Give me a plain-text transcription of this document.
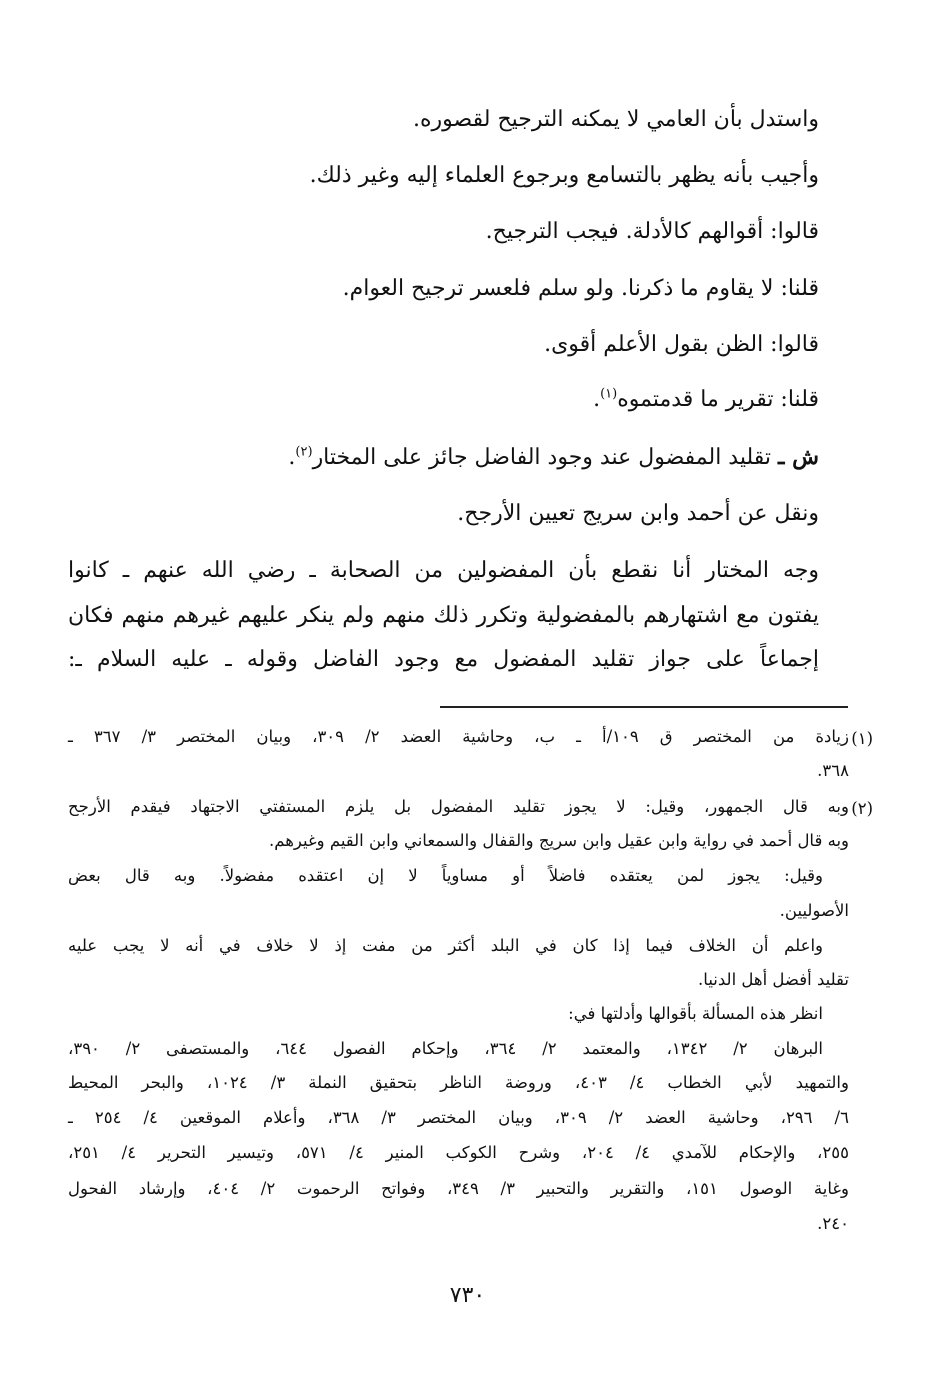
واستدل بأن العامي لا يمكنه الترجيح لقصوره.
وأجيب بأنه يظهر بالتسامع وبرجوع العلماء إليه وغير ذلك.
قالوا: أقوالهم كالأدلة. فيجب الترجيح.
قلنا: لا يقاوم ما ذكرنا. ولو سلم فلعسر ترجيح العوام.
قالوا: الظن بقول الأعلم أقوى.
قلنا: تقرير ما قدمتموه$^{(١)}$.
ش ـ تقليد المفضول عند وجود الفاضل جائز على المختار$^{(٢)}$.
ونقل عن أحمد وابن سريج تعيين الأرجح.
وجه المختار أنا نقطع بأن المفضولين من الصحابة ـ رضي الله عنهم ـ كانوا
يفتون مع اشتهارهم بالمفضولية وتكرر ذلك منهم ولم ينكر عليهم غيرهم منهم فكان
إجماعاً على جواز تقليد المفضول مع وجود الفاضل وقوله ـ عليه السلام ـ:
(١)
زيادة من المختصر ق ١٠٩/أ ـ ب، وحاشية العضد ٢/ ٣٠٩، وبيان المختصر ٣/ ٣٦٧ ـ
٣٦٨.
(٢)
وبه قال الجمهور، وقيل: لا يجوز تقليد المفضول بل يلزم المستفتي الاجتهاد فيقدم الأرجح
وبه قال أحمد في رواية وابن عقيل وابن سريج والقفال والسمعاني وابن القيم وغيرهم.
وقيل: يجوز لمن يعتقده فاضلاً أو مساوياً لا إن اعتقده مفضولاً. وبه قال بعض
الأصوليين.
واعلم أن الخلاف فيما إذا كان في البلد أكثر من مفت إذ لا خلاف في أنه لا يجب عليه
تقليد أفضل أهل الدنيا.
انظر هذه المسألة بأقوالها وأدلتها في:
البرهان ٢/ ١٣٤٢، والمعتمد ٢/ ٣٦٤، وإحكام الفصول ٦٤٤، والمستصفى ٢/ ٣٩٠،
والتمهيد لأبي الخطاب ٤/ ٤٠٣، وروضة الناظر بتحقيق النملة ٣/ ١٠٢٤، والبحر المحيط
٦/ ٢٩٦، وحاشية العضد ٢/ ٣٠٩، وبيان المختصر ٣/ ٣٦٨، وأعلام الموقعين ٤/ ٢٥٤ ـ
٢٥٥، والإحكام للآمدي ٤/ ٢٠٤، وشرح الكوكب المنير ٤/ ٥٧١، وتيسير التحرير ٤/ ٢٥١،
وغاية الوصول ١٥١، والتقرير والتحبير ٣/ ٣٤٩، وفواتح الرحموت ٢/ ٤٠٤، وإرشاد الفحول
٢٤٠.
٧٣٠
